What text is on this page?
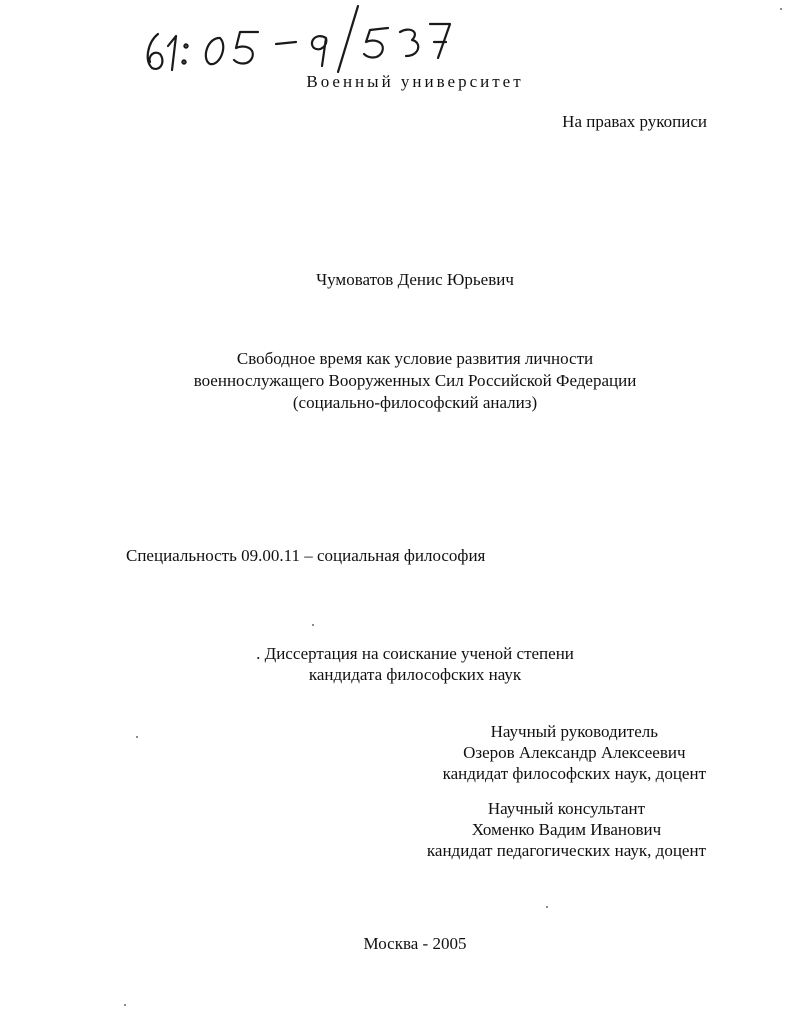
Военный университет
На правах рукописи
Чумоватов Денис Юрьевич
Свободное время как условие развития личности
военнослужащего Вооруженных Сил Российской Федерации
(социально-философский анализ)
Специальность 09.00.11 – социальная философия
. Диссертация на соискание ученой степени
кандидата философских наук
Научный руководитель
Озеров Александр Алексеевич
кандидат философских наук, доцент
Научный консультант
Хоменко Вадим Иванович
кандидат педагогических наук, доцент
Москва - 2005
